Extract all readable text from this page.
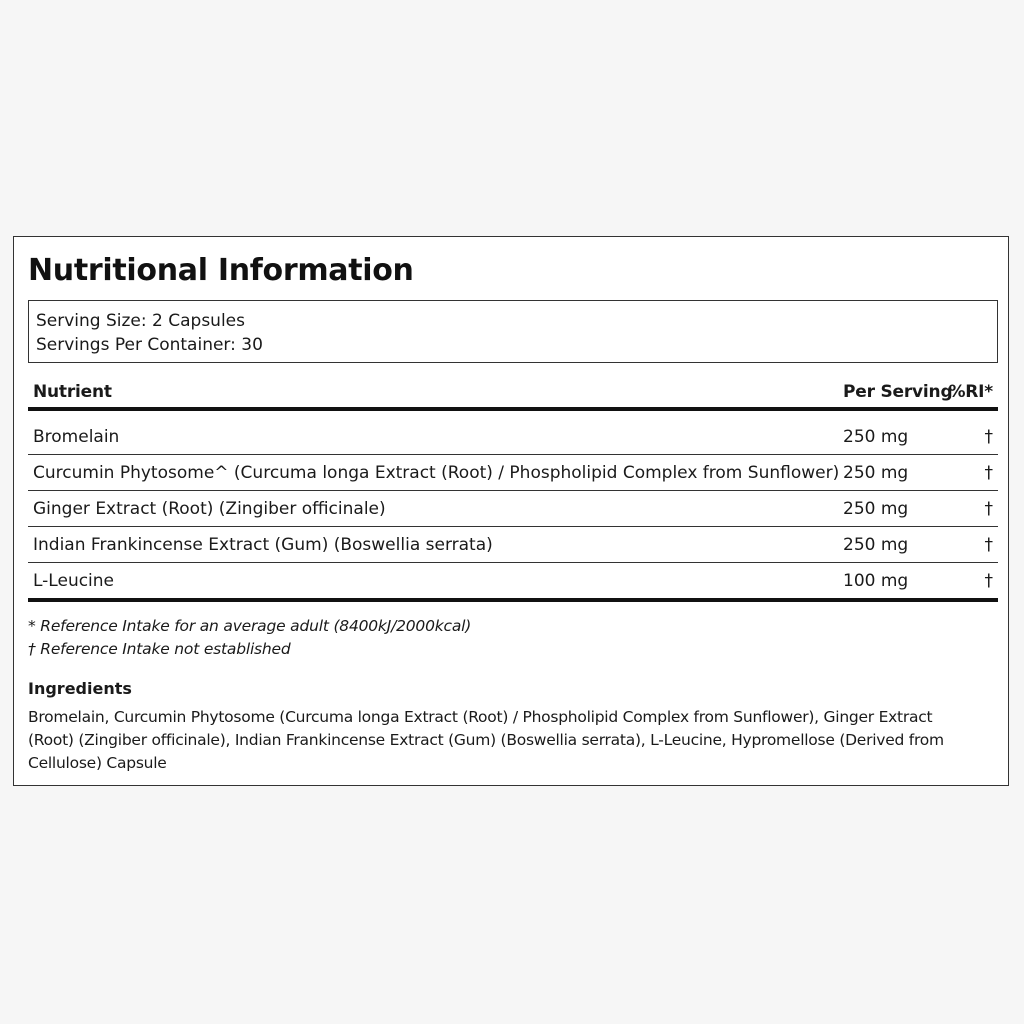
Nutritional Information
Serving Size: 2 Capsules
Servings Per Container: 30
Nutrient	Per Serving	%RI*

Bromelain	250 mg	†
Curcumin Phytosome^ (Curcuma longa Extract (Root) / Phospholipid Complex from Sunflower)	250 mg	†
Ginger Extract (Root) (Zingiber officinale)	250 mg	†
Indian Frankincense Extract (Gum) (Boswellia serrata)	250 mg	†
L-Leucine	100 mg	†
* Reference Intake for an average adult (8400kJ/2000kcal)
† Reference Intake not established
Ingredients

Bromelain, Curcumin Phytosome (Curcuma longa Extract (Root) / Phospholipid Complex from Sunflower), Ginger Extract (Root) (Zingiber officinale), Indian Frankincense Extract (Gum) (Boswellia serrata), L-Leucine, Hypromellose (Derived from Cellulose) Capsule
